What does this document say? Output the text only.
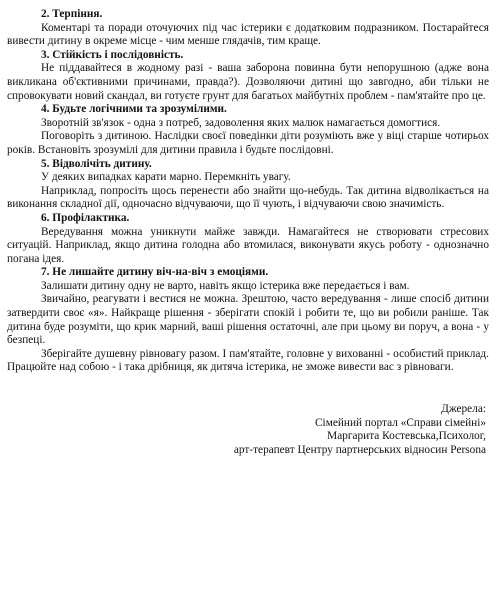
2. Терпіння.

Коментарі та поради оточуючих під час істерики є додатковим подразником. Постарайтеся вивести дитину в окреме місце - чим менше глядачів, тим краще.

3. Стійкість і послідовність.

Не піддавайтеся в жодному разі - ваша заборона повинна бути непорушною (адже вона викликана об'єктивними причинами, правда?). Дозволяючи дитині що завгодно, аби тільки не спровокувати новий скандал, ви готуєте грунт для багатьох майбутніх проблем - пам'ятайте про це.

4. Будьте логічними та зрозумілими.

Зворотній зв'язок - одна з потреб, задоволення яких малюк намагається домогтися.

Поговоріть з дитиною. Наслідки своєї поведінки діти розуміють вже у віці старше чотирьох років. Встановіть зрозумілі для дитини правила і будьте послідовні.

5. Відволічіть дитину.

У деяких випадках карати марно. Перемкніть увагу.

Наприклад, попросіть щось перенести або знайти що-небудь. Так дитина відволікається на виконання складної дії, одночасно відчуваючи, що її чують, і відчуваючи свою значимість.

6. Профілактика.

Вередування можна уникнути майже завжди. Намагайтеся не створювати стресових ситуацій. Наприклад, якщо дитина голодна або втомилася, виконувати якусь роботу - однозначно погана ідея.

7. Не лишайте дитину віч-на-віч з емоціями.

Залишати дитину одну не варто, навіть якщо істерика вже передається і вам.

Звичайно, реагувати і вестися не можна. Зрештою, часто вередування - лише спосіб дитини затвердити своє «я». Найкраще рішення - зберігати спокій і робити те, що ви робили раніше. Так дитина буде розуміти, що крик марний, ваші рішення остаточні, але при цьому ви поруч, а вона - у безпеці.

Зберігайте душевну рівновагу разом. І пам'ятайте, головне у вихованні - особистий приклад. Працюйте над собою - і така дрібниця, як дитяча істерика, не зможе вивести вас з рівноваги.

Джерела:
Сімейний портал «Справи сімейні»
Маргарита Костевська,Психолог,
арт-терапевт Центру партнерських відносин Persona
